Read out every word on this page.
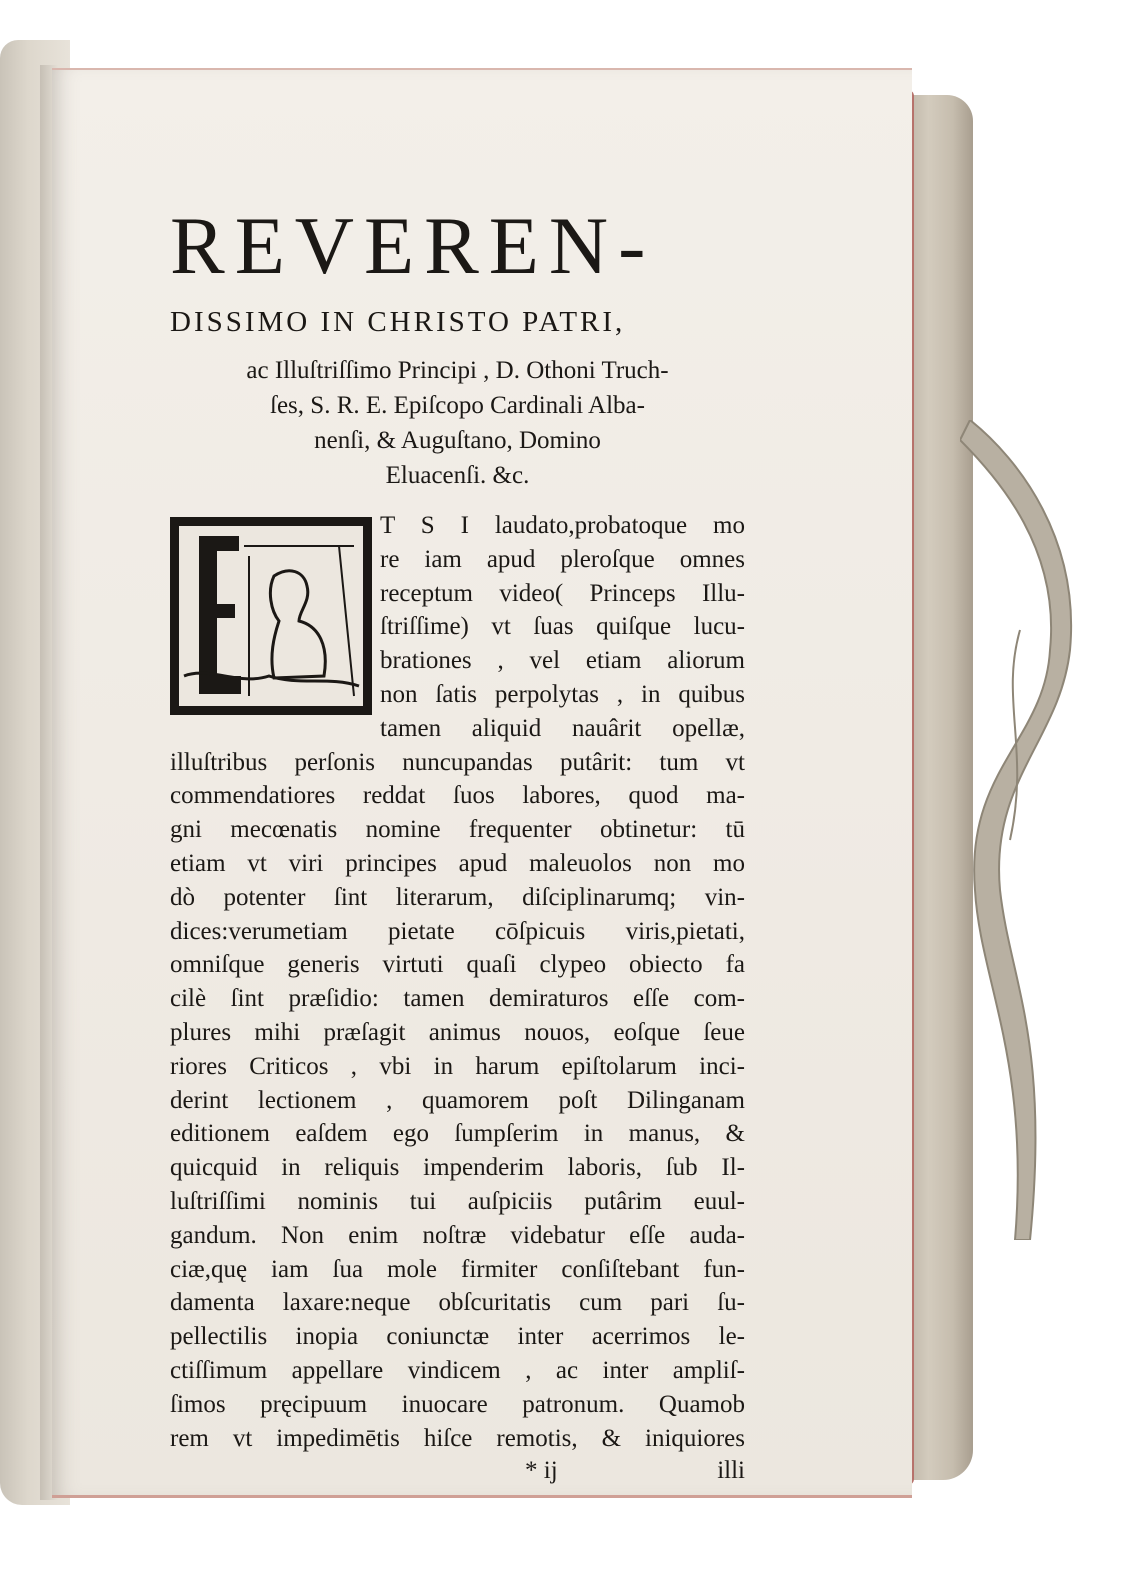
REVEREN-
DISSIMO IN CHRISTO PATRI,
ac Illuſtriſſimo Principi , D. Othoni Truch-
ſes, S. R. E. Epiſcopo Cardinali Alba-
nenſi, & Auguſtano, Domino
Eluacenſi. &c.
E
T S I laudato,probatoque mo
re iam apud pleroſque omnes
receptum video( Princeps Illu-
ſtriſſime) vt ſuas quiſque lucu-
brationes , vel etiam aliorum
non ſatis perpolytas , in quibus
tamen aliquid nauârit opellæ,
illuſtribus perſonis nuncupandas putârit: tum vt
commendatiores reddat ſuos labores, quod ma-
gni mecœnatis nomine frequenter obtinetur: tū
etiam vt viri principes apud maleuolos non mo
dò potenter ſint literarum, diſciplinarumq; vin-
dices:verumetiam pietate cōſpicuis viris,pietati,
omniſque generis virtuti quaſi clypeo obiecto fa
cilè ſint præſidio: tamen demiraturos eſſe com-
plures mihi præſagit animus nouos, eoſque ſeue
riores Criticos , vbi in harum epiſtolarum inci-
derint lectionem , quamorem poſt Dilinganam
editionem eaſdem ego ſumpſerim in manus, &
quicquid in reliquis impenderim laboris, ſub Il-
luſtriſſimi nominis tui auſpiciis putârim euul-
gandum. Non enim noſtræ videbatur eſſe auda-
ciæ,quę iam ſua mole firmiter conſiſtebant fun-
damenta laxare:neque obſcuritatis cum pari ſu-
pellectilis inopia coniunctæ inter acerrimos le-
ctiſſimum appellare vindicem , ac inter ampliſ-
ſimos pręcipuum inuocare patronum. Quamob
rem vt impedimētis hiſce remotis, & iniquiores
* ij	illi
